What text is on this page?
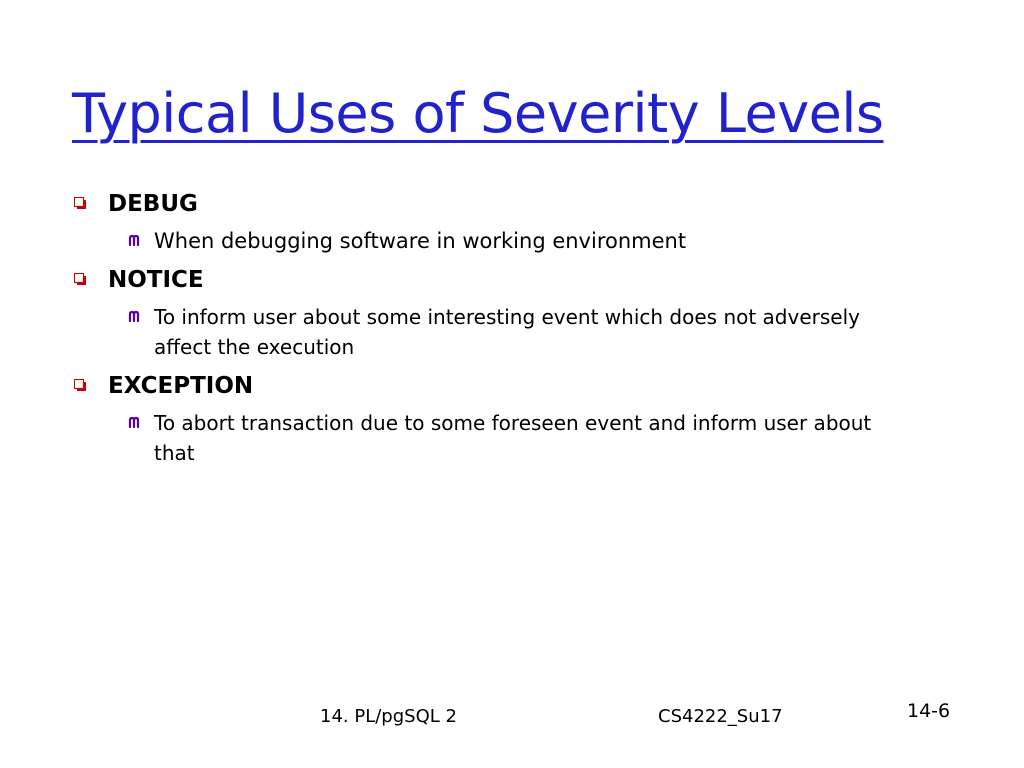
Typical Uses of Severity Levels
DEBUG
When debugging software in working environment
NOTICE
To inform user about some interesting event which does not adversely affect the execution
EXCEPTION
To abort transaction due to some foreseen event and inform user about that
14. PL/pgSQL 2	CS4222_Su17	14-6
